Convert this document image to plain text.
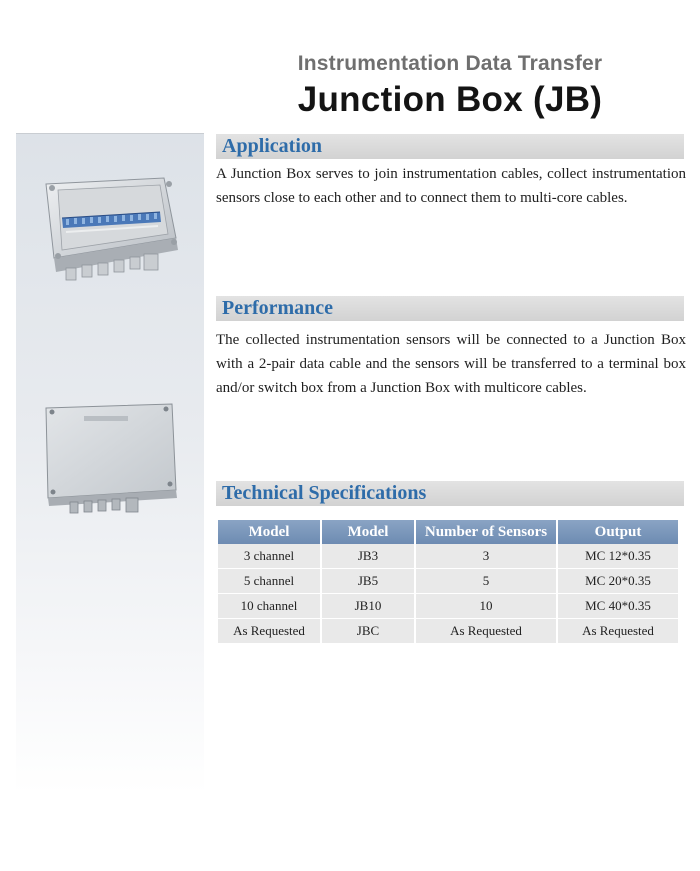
Instrumentation Data Transfer
Junction Box (JB)
Application
A Junction Box serves to join instrumentation cables, collect instrumentation sensors close to each other and to connect them to multi-core cables.
Performance
The collected instrumentation sensors will be connected to a Junction Box with a 2-pair data cable and the sensors will be transferred to a terminal box and/or switch box from a Junction Box with multicore cables.
Technical Specifications
Model	Model	Number of Sensors	Output
3 channel	JB3	3	MC 12*0.35
5 channel	JB5	5	MC 20*0.35
10 channel	JB10	10	MC 40*0.35
As Requested	JBC	As Requested	As Requested
